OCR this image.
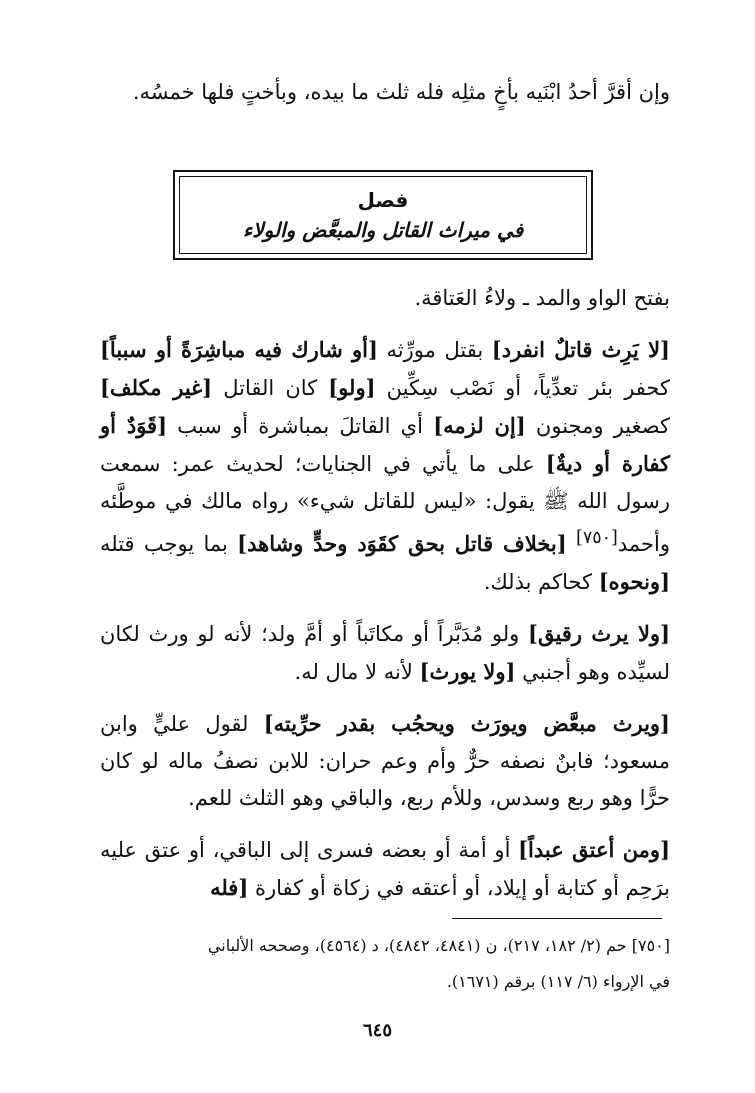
وإن أقرَّ أحدُ ابْنَيه بأخٍ مثلِه فله ثلث ما بيده، وبأختٍ فلها خمسُه.

فصل
في ميراث القاتل والمبعَّض والولاء

بفتح الواو والمد ـ ولاءُ العَتاقة.

[لا يَرِث قاتلٌ انفرد] بقتل مورِّثه [أو شارك فيه مباشِرَةً أو سبباً] كحفر بئر تعدِّياً، أو نَصْب سِكِّين [ولو] كان القاتل [غير مكلف] كصغير ومجنون [إن لزمه] أي القاتلَ بمباشرة أو سبب [قَوَدٌ أو كفارة أو ديةٌ] على ما يأتي في الجنايات؛ لحديث عمر: سمعت رسول الله ﷺ يقول: «ليس للقاتل شيء» رواه مالك في موطَّئه وأحمد[٧٥٠] [بخلاف قاتل بحق كقَوَد وحدٍّ وشاهد] بما يوجب قتله [ونحوه] كحاكم بذلك.

[ولا يرث رقيق] ولو مُدَبَّراً أو مكاتَباً أو أمَّ ولد؛ لأنه لو ورث لكان لسيِّده وهو أجنبي [ولا يورث] لأنه لا مال له.

[ويرث مبعَّض ويورَث ويحجُب بقدر حرِّيته] لقول عليٍّ وابن مسعود؛ فابنٌ نصفه حرٌّ وأم وعم حران: للابن نصفُ ماله لو كان حرًّا وهو ربع وسدس، وللأم ربع، والباقي وهو الثلث للعم.

[ومن أعتق عبداً] أو أمة أو بعضه فسرى إلى الباقي، أو عتق عليه برَحِم أو كتابة أو إيلاد، أو أعتقه في زكاة أو كفارة [فله

[٧٥٠] حم (٢/ ١٨٢، ٢١٧)، ن (٤٨٤١، ٤٨٤٢)، د (٤٥٦٤)، وصححه الألباني
في الإرواء (٦/ ١١٧) برقم (١٦٧١).
٦٤٥
